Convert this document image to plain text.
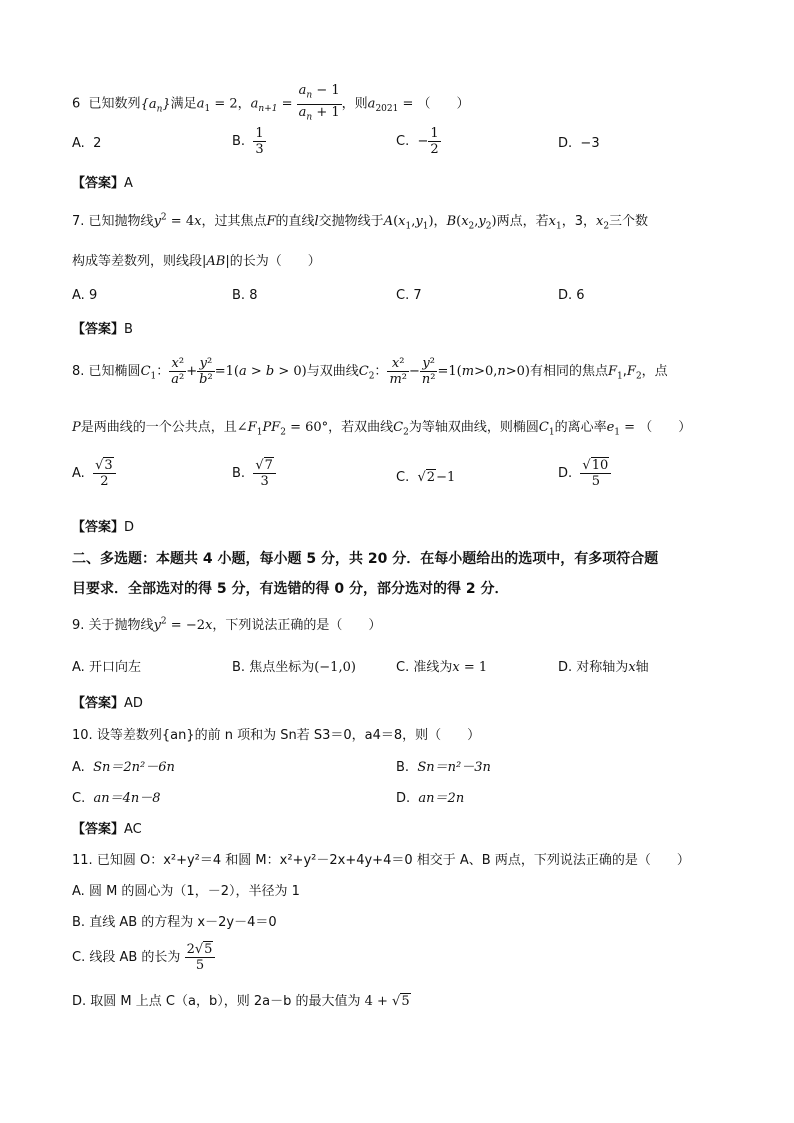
6 已知数列$\{a_n\}$满足$a_1 = 2$，$a_{n+1} = \frac{a_n - 1}{a_n + 1}$ ，则$a_{2021}$ = （　　）
A. 2	B. $\frac{1}{3}$	C.  − $\frac{1}{2}$	D. −3
【答案】A
7. 已知抛物线$y^2 = 4x$，过其焦点F的直线l交抛物线于$A(x_1,y_1)$，$B(x_2,y_2)$两点，若$x_1$，3，$x_2$三个数
构成等差数列，则线段|AB|的长为（　　）
A. 9	B. 8	C. 7	D. 6
【答案】B
8. 已知椭圆$C_1$： $\frac{\text{x²}}{\text{a²}} + \frac{\text{y²}}{\text{b²}} =1(a > b > 0)$与双曲线$C_2$： $\frac{\text{x²}}{\text{m²}} - \frac{\text{y²}}{\text{n²}} =1(m>0,n>0)$有相同的焦点$F_1,F_2$，点
P是两曲线的一个公共点，且$\angle F_1PF_2 = 60^\circ$，若双曲线$C_2$为等轴双曲线，则椭圆$C_1$的离心率$e_1$ = （　　）
A. $\frac{√3}{2}$	B. $\frac{√7}{3}$	C. √2−1	D. $\frac{√10}{5}$
【答案】D
二、多选题：本题共 4 小题，每小题 5 分，共 20 分．在每小题给出的选项中，有多项符合题
目要求．全部选对的得 5 分，有选错的得 0 分，部分选对的得 2 分．
9. 关于抛物线$y^2 = -2x$，下列说法正确的是（　　）
A. 开口向左	B. 焦点坐标为(−1,0)	C. 准线为x = 1	D. 对称轴为x轴
【答案】AD
10. 设等差数列{an}的前 n 项和为 Sn若 S3＝0，a4＝8，则（　　）
A. Sn＝2n²－6n	B. Sn＝n²－3n
C. an＝4n－8	D. an＝2n
【答案】AC
11. 已知圆 O：x²+y²＝4 和圆 M：x²+y²－2x+4y+4＝0 相交于 A、B 两点，下列说法正确的是（　　）
A. 圆 M 的圆心为（1，－2），半径为 1
B. 直线 AB 的方程为 x－2y－4＝0
C. 线段 AB 的长为 $\frac{2√5}{5}$
D. 取圆 M 上点 C（a，b），则 2a－b 的最大值为 4 + √5
